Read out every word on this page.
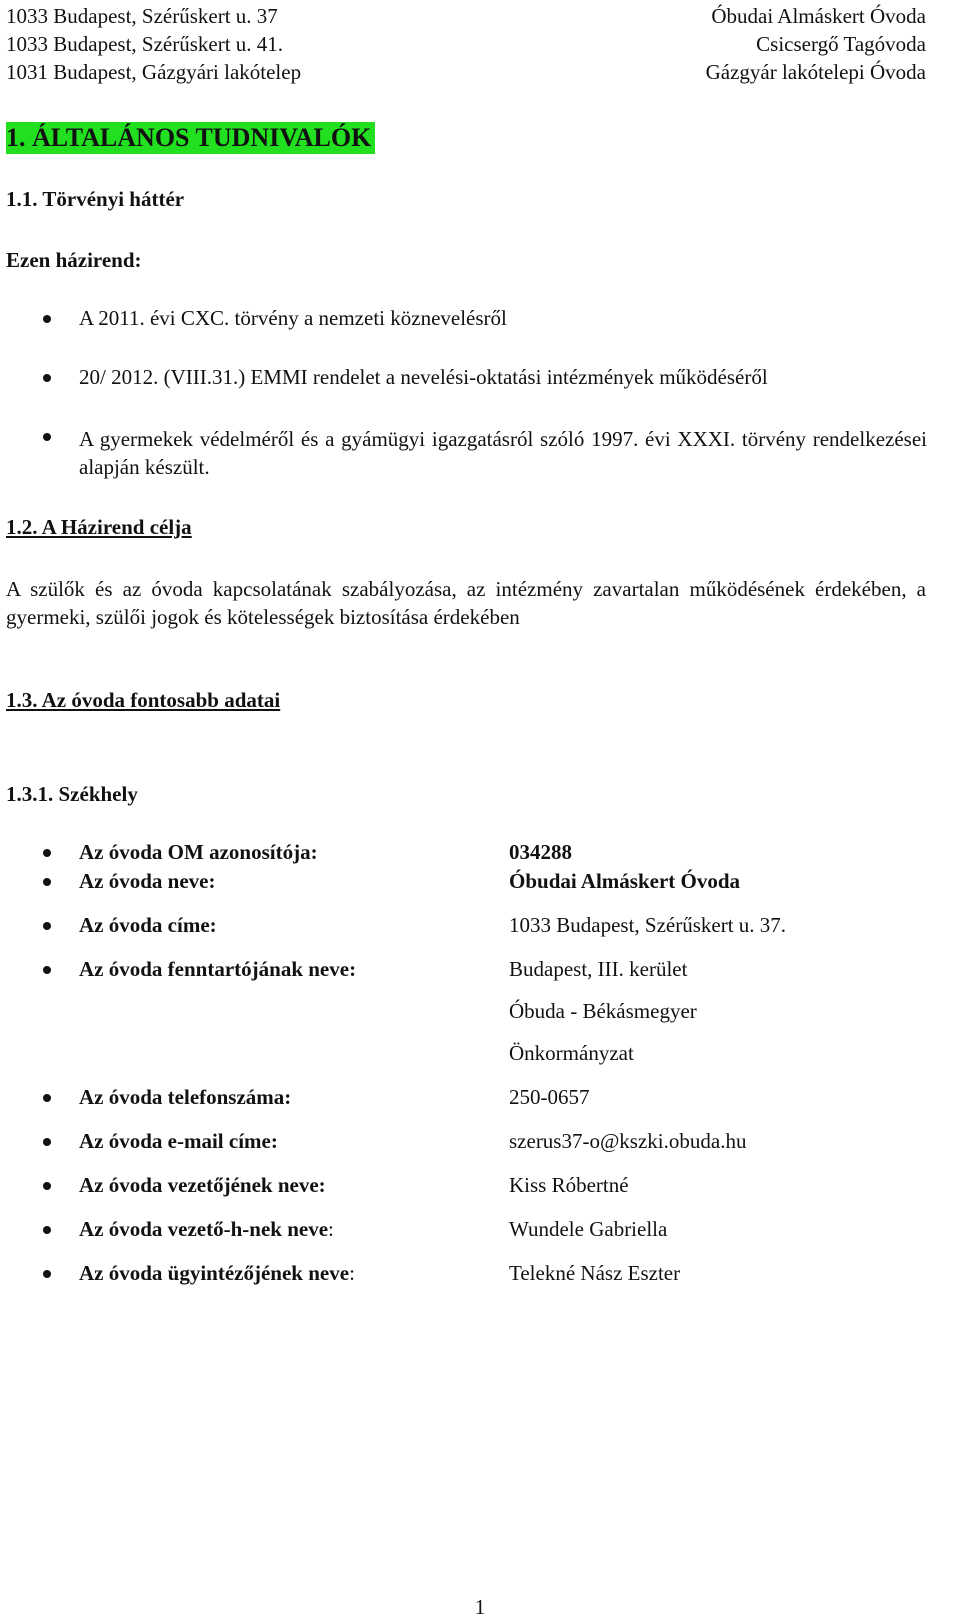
1033 Budapest, Szérűskert u. 37	Óbudai Almáskert Óvoda
1033 Budapest, Szérűskert u. 41.	Csicsergő Tagóvoda
1031 Budapest, Gázgyári lakótelep	Gázgyár lakótelepi Óvoda
1. ÁLTALÁNOS TUDNIVALÓK
1.1. Törvényi háttér
Ezen házirend:
A 2011. évi CXC. törvény a nemzeti köznevelésről
20/ 2012. (VIII.31.) EMMI rendelet a nevelési-oktatási intézmények működéséről
A gyermekek védelméről és a gyámügyi igazgatásról szóló 1997. évi XXXI. törvény rendelkezései alapján készült.
1.2. A Házirend célja
A szülők és az óvoda kapcsolatának szabályozása, az intézmény zavartalan működésének érdekében, a gyermeki, szülői jogok és kötelességek biztosítása érdekében
1.3. Az óvoda fontosabb adatai
1.3.1. Székhely
Az óvoda OM azonosítója:	034288
Az óvoda neve:	Óbudai Almáskert Óvoda
Az óvoda címe:	1033 Budapest, Szérűskert u. 37.
Az óvoda fenntartójának neve:	Budapest, III. kerület
Óbuda - Békásmegyer
Önkormányzat
Az óvoda telefonszáma:	250-0657
Az óvoda e-mail címe:	szerus37-o@kszki.obuda.hu
Az óvoda vezetőjének neve:	Kiss Róbertné
Az óvoda vezető-h-nek neve:	Wundele Gabriella
Az óvoda ügyintézőjének neve:	Telekné Nász Eszter
1
